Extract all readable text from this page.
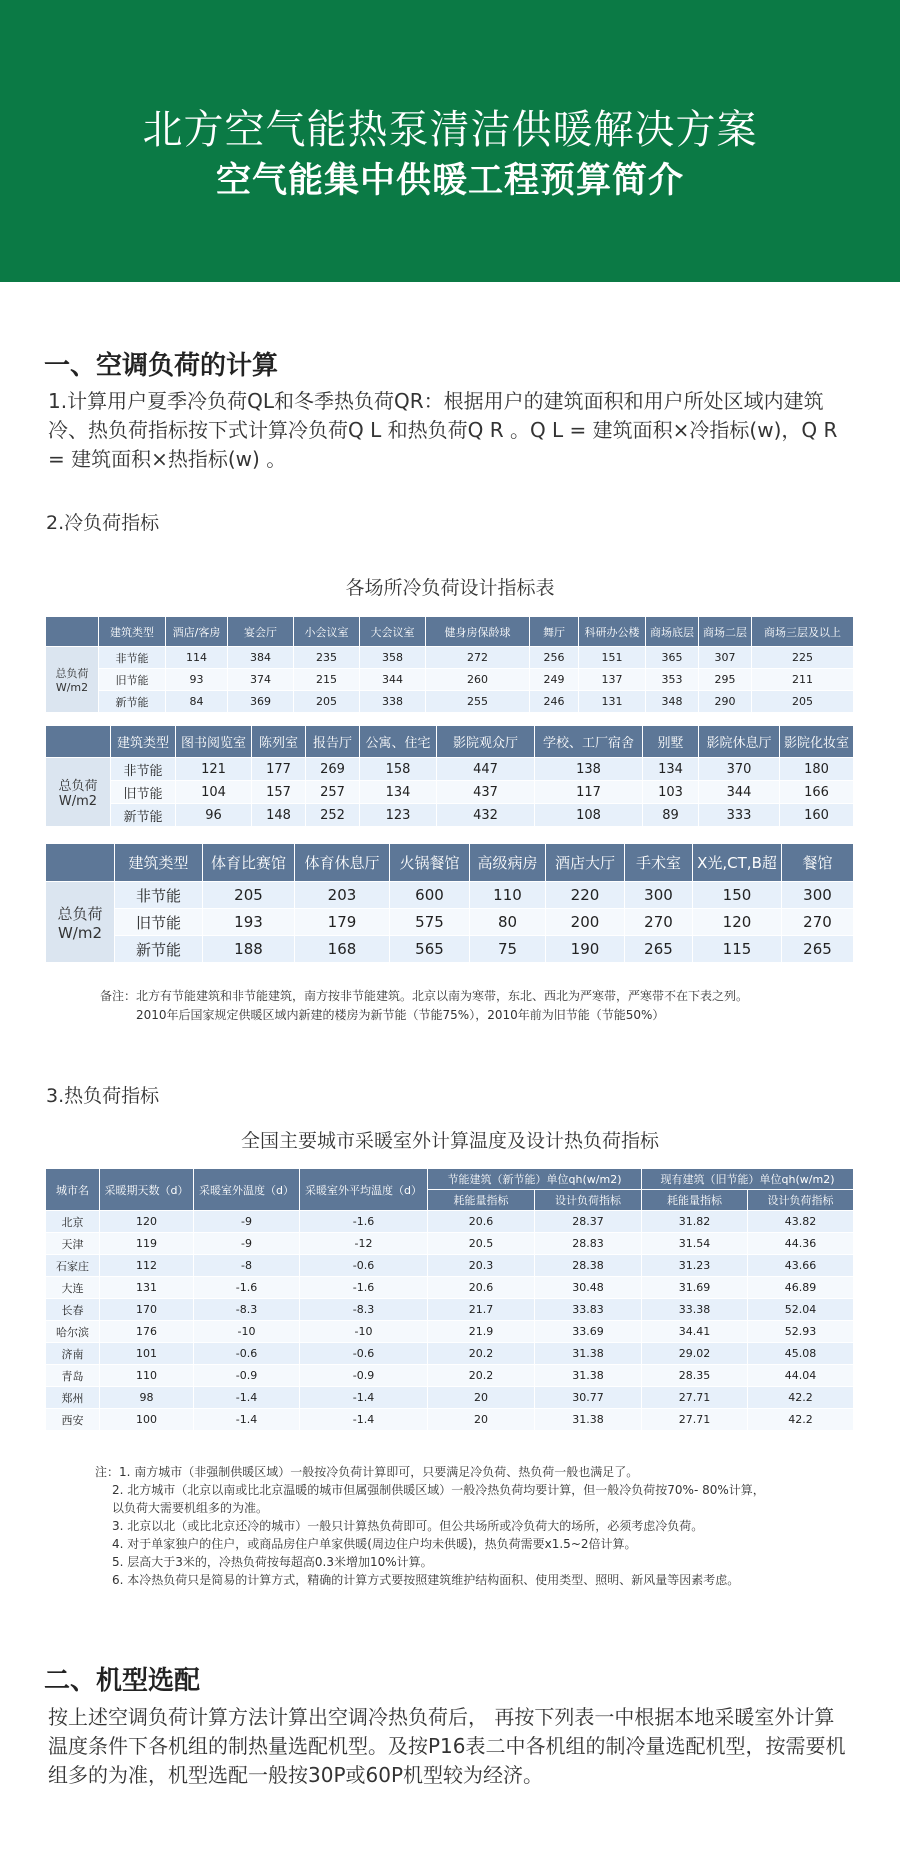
北方空气能热泵清洁供暖解决方案
空气能集中供暖工程预算简介
一、空调负荷的计算
1.计算用户夏季冷负荷QL和冬季热负荷QR：根据用户的建筑面积和用户所处区域内建筑冷、热负荷指标按下式计算冷负荷Q L 和热负荷Q R 。Q L = 建筑面积×冷指标(w)，Q R = 建筑面积×热指标(w) 。
2.冷负荷指标
各场所冷负荷设计指标表
	建筑类型	酒店/客房	宴会厅	小会议室	大会议室	健身房保龄球	舞厅	科研办公楼	商场底层	商场二层	商场三层及以上
总负荷W/m2	非节能	114	384	235	358	272	256	151	365	307	225
	旧节能	93	374	215	344	260	249	137	353	295	211
	新节能	84	369	205	338	255	246	131	348	290	205
	建筑类型	图书阅览室	陈列室	报告厅	公寓、住宅	影院观众厅	学校、工厂宿舍	别墅	影院休息厅	影院化妆室
总负荷W/m2	非节能	121	177	269	158	447	138	134	370	180
	旧节能	104	157	257	134	437	117	103	344	166
	新节能	96	148	252	123	432	108	89	333	160
	建筑类型	体育比赛馆	体育休息厅	火锅餐馆	高级病房	酒店大厅	手术室	X光,CT,B超	餐馆
总负荷W/m2	非节能	205	203	600	110	220	300	150	300
	旧节能	193	179	575	80	200	270	120	270
	新节能	188	168	565	75	190	265	115	265
备注：北方有节能建筑和非节能建筑，南方按非节能建筑。北京以南为寒带，东北、西北为严寒带，严寒带不在下表之列。
2010年后国家规定供暖区域内新建的楼房为新节能（节能75%），2010年前为旧节能（节能50%）
3.热负荷指标
全国主要城市采暖室外计算温度及设计热负荷指标
城市名	采暖期天数（d）	采暖室外温度（d）	采暖室外平均温度（d）	节能建筑（新节能）单位qh(w/m2)		现有建筑（旧节能）单位qh(w/m2)	
				耗能量指标	设计负荷指标	耗能量指标	设计负荷指标
北京	120	-9	-1.6	20.6	28.37	31.82	43.82
天津	119	-9	-12	20.5	28.83	31.54	44.36
石家庄	112	-8	-0.6	20.3	28.38	31.23	43.66
大连	131	-1.6	-1.6	20.6	30.48	31.69	46.89
长春	170	-8.3	-8.3	21.7	33.83	33.38	52.04
哈尔滨	176	-10	-10	21.9	33.69	34.41	52.93
济南	101	-0.6	-0.6	20.2	31.38	29.02	45.08
青岛	110	-0.9	-0.9	20.2	31.38	28.35	44.04
郑州	98	-1.4	-1.4	20	30.77	27.71	42.2
西安	100	-1.4	-1.4	20	31.38	27.71	42.2
注：1. 南方城市（非强制供暖区域）一般按冷负荷计算即可，只要满足冷负荷、热负荷一般也满足了。
2. 北方城市（北京以南或比北京温暖的城市但属强制供暖区域）一般冷热负荷均要计算，但一般冷负荷按70%- 80%计算，
以负荷大需要机组多的为准。
3. 北京以北（或比北京还冷的城市）一般只计算热负荷即可。但公共场所或冷负荷大的场所，必须考虑冷负荷。
4. 对于单家独户的住户，或商品房住户单家供暖(周边住户均未供暖)，热负荷需要x1.5~2倍计算。
5. 层高大于3米的，冷热负荷按每超高0.3米增加10%计算。
6. 本冷热负荷只是简易的计算方式，精确的计算方式要按照建筑维护结构面积、使用类型、照明、新风量等因素考虑。
二、机型选配
按上述空调负荷计算方法计算出空调冷热负荷后， 再按下列表一中根据本地采暖室外计算温度条件下各机组的制热量选配机型。及按P16表二中各机组的制冷量选配机型，按需要机组多的为准，机型选配一般按30P或60P机型较为经济。
